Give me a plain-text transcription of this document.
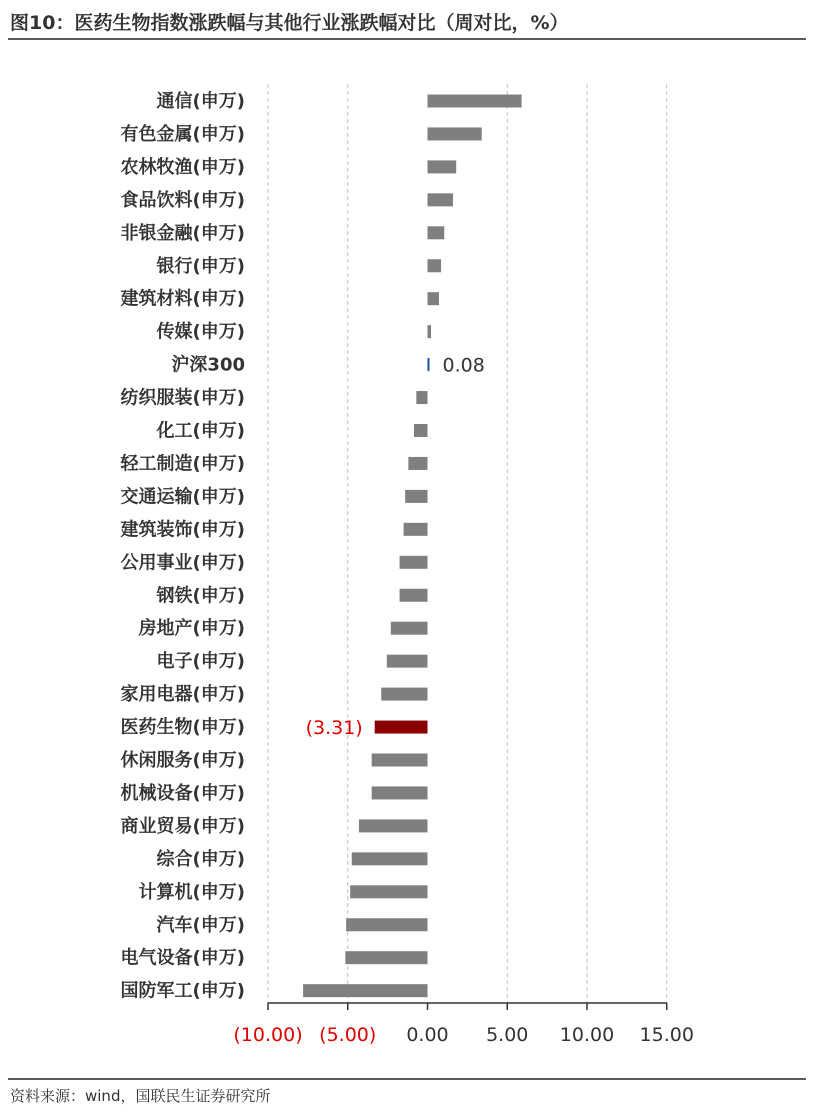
图10：医药生物指数涨跌幅与其他行业涨跌幅对比（周对比，%）
通信(申万)
有色金属(申万)
农林牧渔(申万)
食品饮料(申万)
非银金融(申万)
银行(申万)
建筑材料(申万)
传媒(申万)
沪深300
纺织服装(申万)
化工(申万)
轻工制造(申万)
交通运输(申万)
建筑装饰(申万)
公用事业(申万)
钢铁(申万)
房地产(申万)
电子(申万)
家用电器(申万)
医药生物(申万)
休闲服务(申万)
机械设备(申万)
商业贸易(申万)
综合(申万)
计算机(申万)
汽车(申万)
电气设备(申万)
国防军工(申万)
(10.00) (5.00) 0.00 5.00 10.00 15.00
0.08
(3.31)
资料来源：wind，国联民生证券研究所
